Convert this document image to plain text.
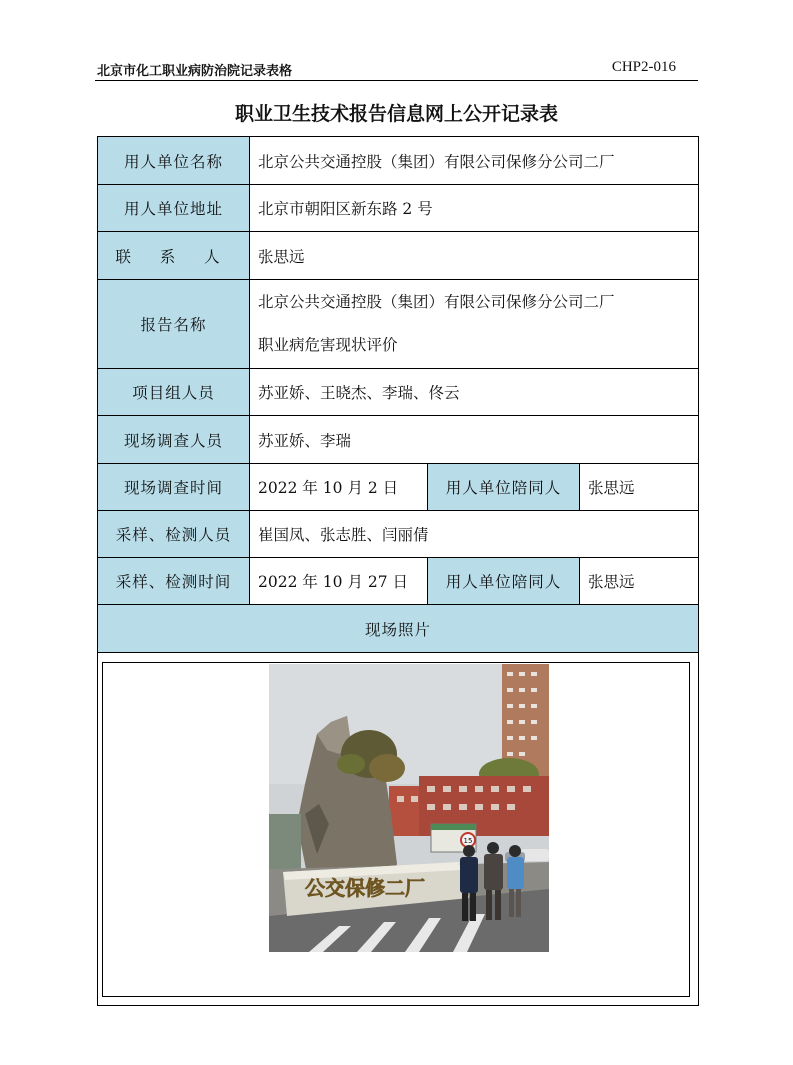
北京市化工职业病防治院记录表格	CHP2-016
职业卫生技术报告信息网上公开记录表
用人单位名称	北京公共交通控股（集团）有限公司保修分公司二厂		
用人单位地址	北京市朝阳区新东路 2 号		
联 系 人	张思远		
报告名称	北京公共交通控股（集团）有限公司保修分公司二厂
职业病危害现状评价		

项目组人员	苏亚娇、王晓杰、李瑞、佟云		
现场调查人员	苏亚娇、李瑞		
现场调查时间	2022 年 10 月 2 日	用人单位陪同人	张思远
采样、检测人员	崔国凤、张志胜、闫丽倩		
采样、检测时间	2022 年 10 月 27 日	用人单位陪同人	张思远
现场照片			

15
公交保修二厂			
